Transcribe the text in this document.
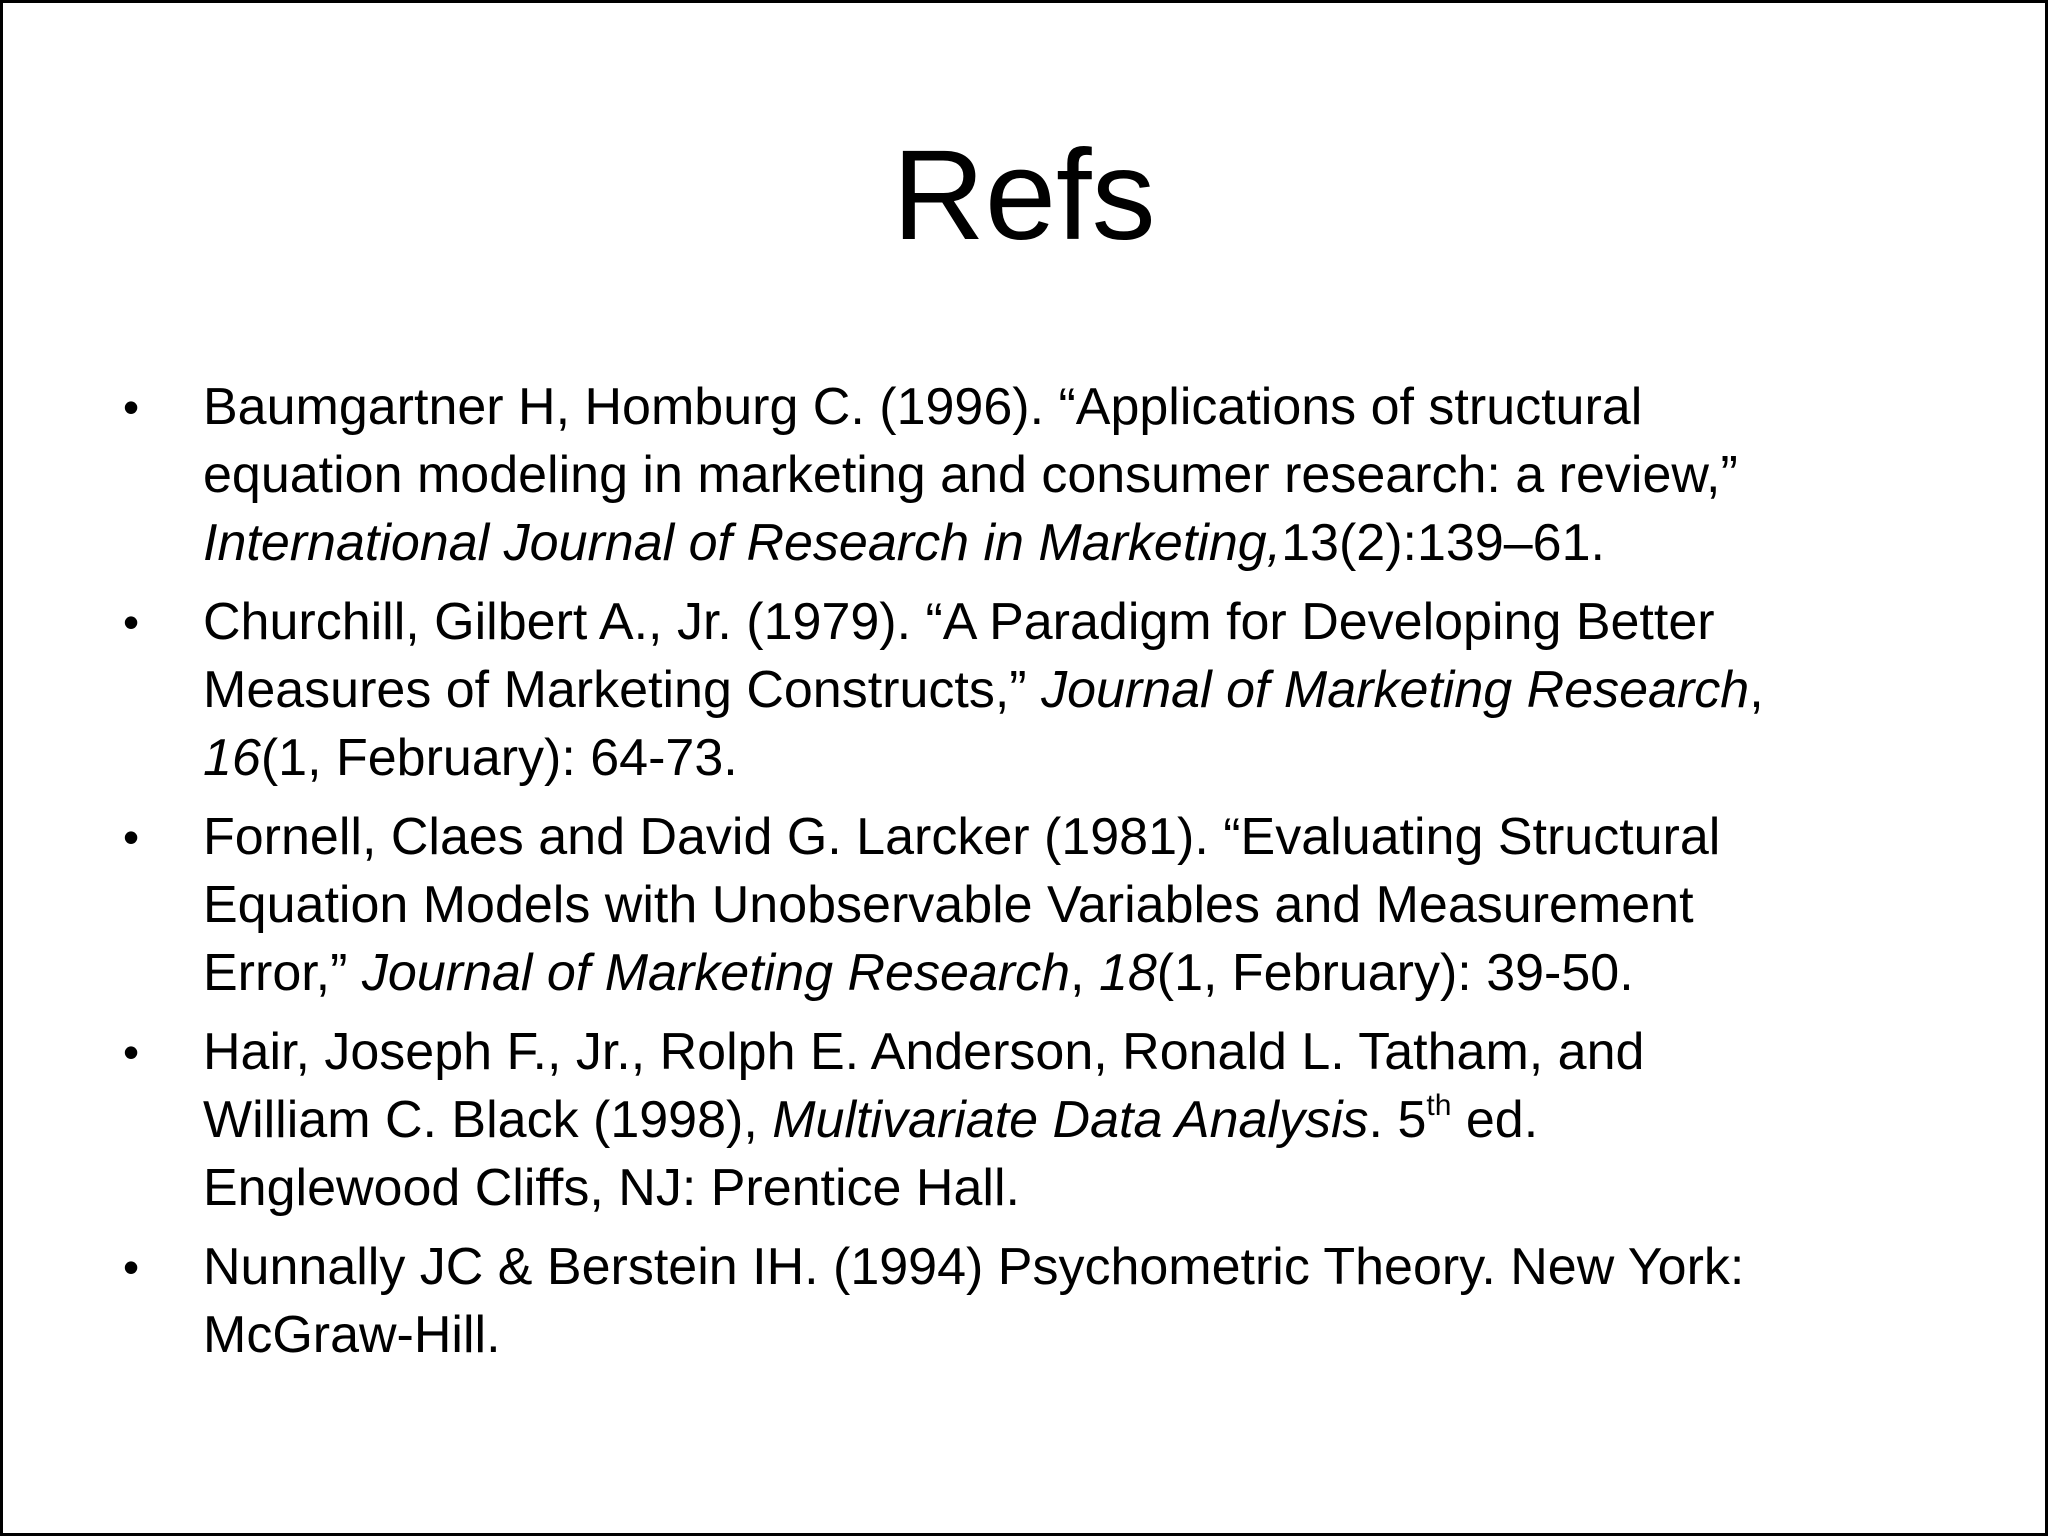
Refs
•	Baumgartner H, Homburg C. (1996). “Applications of structural
equation modeling in marketing and consumer research: a review,”
International Journal of Research in Marketing,13(2):139–61.
•	Churchill, Gilbert A., Jr. (1979). “A Paradigm for Developing Better
Measures of Marketing Constructs,” Journal of Marketing Research,
16(1, February): 64-73.
•	Fornell, Claes and David G. Larcker (1981). “Evaluating Structural
Equation Models with Unobservable Variables and Measurement
Error,” Journal of Marketing Research, 18(1, February): 39-50.
•	Hair, Joseph F., Jr., Rolph E. Anderson, Ronald L. Tatham, and
William C. Black (1998), Multivariate Data Analysis. 5th ed.
Englewood Cliffs, NJ: Prentice Hall.
•	Nunnally JC & Berstein IH. (1994) Psychometric Theory. New York:
McGraw-Hill.
